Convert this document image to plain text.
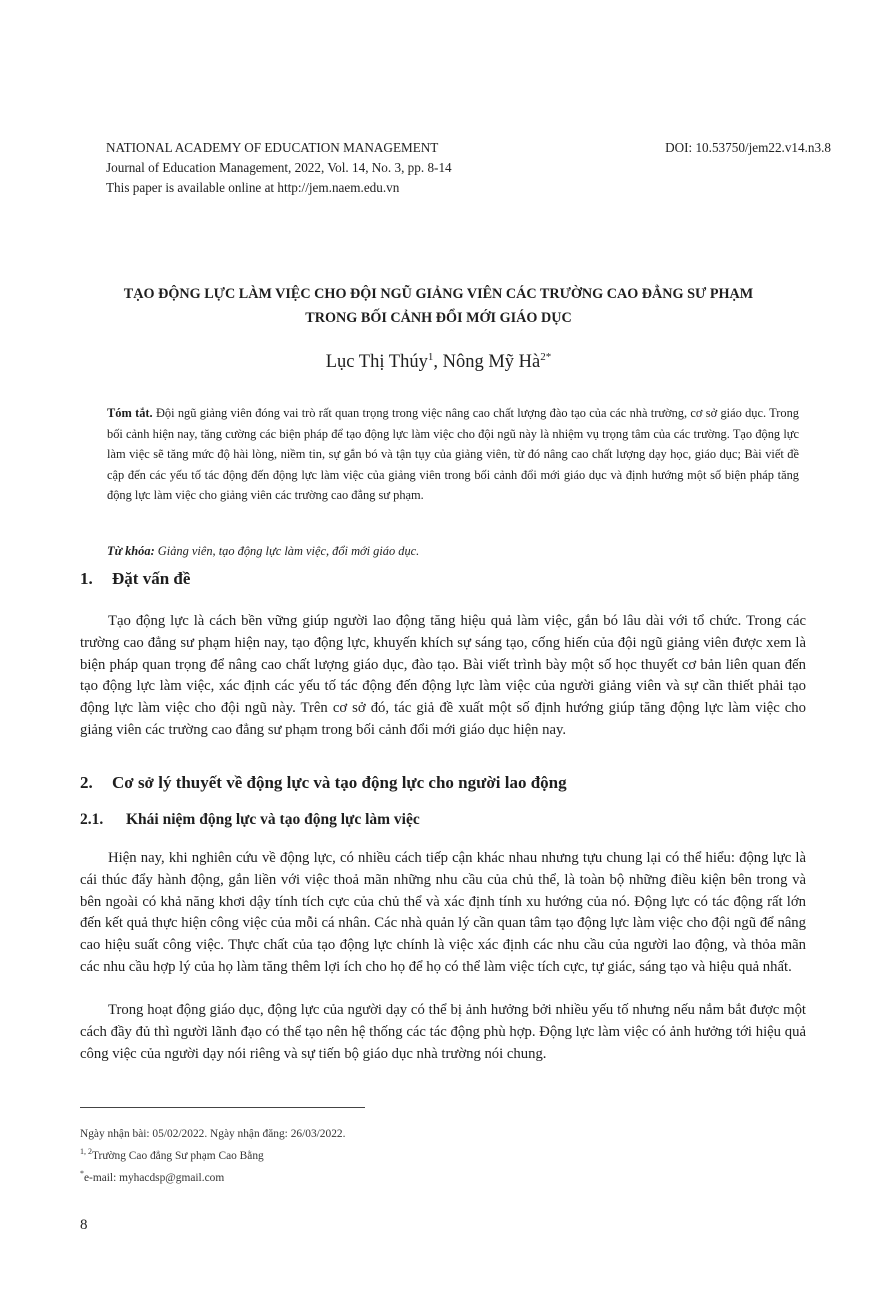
NATIONAL ACADEMY OF EDUCATION MANAGEMENT
Journal of Education Management, 2022, Vol. 14, No. 3, pp. 8-14
This paper is available online at http://jem.naem.edu.vn
DOI: 10.53750/jem22.v14.n3.8
TẠO ĐỘNG LỰC LÀM VIỆC CHO ĐỘI NGŨ GIẢNG VIÊN CÁC TRƯỜNG CAO ĐẲNG SƯ PHẠM
TRONG BỐI CẢNH ĐỔI MỚI GIÁO DỤC
Lục Thị Thúy$^1$, Nông Mỹ $Hà^{2*}$
Tóm tắt. Đội ngũ giảng viên đóng vai trò rất quan trọng trong việc nâng cao chất lượng đào tạo của các nhà trường, cơ sở giáo dục. Trong bối cảnh hiện nay, tăng cường các biện pháp để tạo động lực làm việc cho đội ngũ này là nhiệm vụ trọng tâm của các trường. Tạo động lực làm việc sẽ tăng mức độ hài lòng, niềm tin, sự gắn bó và tận tụy của giảng viên, từ đó nâng cao chất lượng dạy học, giáo dục; Bài viết đề cập đến các yếu tố tác động đến động lực làm việc của giảng viên trong bối cảnh đổi mới giáo dục và định hướng một số biện pháp tăng động lực làm việc cho giảng viên các trường cao đẳng sư phạm.
Từ khóa: Giảng viên, tạo động lực làm việc, đổi mới giáo dục.
1. Đặt vấn đề
Tạo động lực là cách bền vững giúp người lao động tăng hiệu quả làm việc, gắn bó lâu dài với tổ chức. Trong các trường cao đẳng sư phạm hiện nay, tạo động lực, khuyến khích sự sáng tạo, cống hiến của đội ngũ giảng viên được xem là biện pháp quan trọng để nâng cao chất lượng giáo dục, đào tạo. Bài viết trình bày một số học thuyết cơ bản liên quan đến tạo động lực làm việc, xác định các yếu tố tác động đến động lực làm việc của người giảng viên và sự cần thiết phải tạo động lực làm việc cho đội ngũ này. Trên cơ sở đó, tác giả đề xuất một số định hướng giúp tăng động lực làm việc cho giảng viên các trường cao đẳng sư phạm trong bối cảnh đổi mới giáo dục hiện nay.
2. Cơ sở lý thuyết về động lực và tạo động lực cho người lao động
2.1. Khái niệm động lực và tạo động lực làm việc
Hiện nay, khi nghiên cứu về động lực, có nhiều cách tiếp cận khác nhau nhưng tựu chung lại có thể hiểu: động lực là cái thúc đẩy hành động, gắn liền với việc thoả mãn những nhu cầu của chủ thể, là toàn bộ những điều kiện bên trong và bên ngoài có khả năng khơi dậy tính tích cực của chủ thể và xác định tính xu hướng của nó. Động lực có tác động rất lớn đến kết quả thực hiện công việc của mỗi cá nhân. Các nhà quản lý cần quan tâm tạo động lực làm việc cho đội ngũ để nâng cao hiệu suất công việc. Thực chất của tạo động lực chính là việc xác định các nhu cầu của người lao động, và thỏa mãn các nhu cầu hợp lý của họ làm tăng thêm lợi ích cho họ để họ có thể làm việc tích cực, tự giác, sáng tạo và hiệu quả nhất.
Trong hoạt động giáo dục, động lực của người dạy có thể bị ảnh hưởng bởi nhiều yếu tố nhưng nếu nắm bắt được một cách đầy đủ thì người lãnh đạo có thể tạo nên hệ thống các tác động phù hợp. Động lực làm việc có ảnh hưởng tới hiệu quả công việc của người dạy nói riêng và sự tiến bộ giáo dục nhà trường nói chung.
Ngày nhận bài: 05/02/2022. Ngày nhận đăng: 26/03/2022.
$^{1, 2}$Trường Cao đẳng Sư phạm Cao Bằng
*e-mail: myhacdsp@gmail.com
8
